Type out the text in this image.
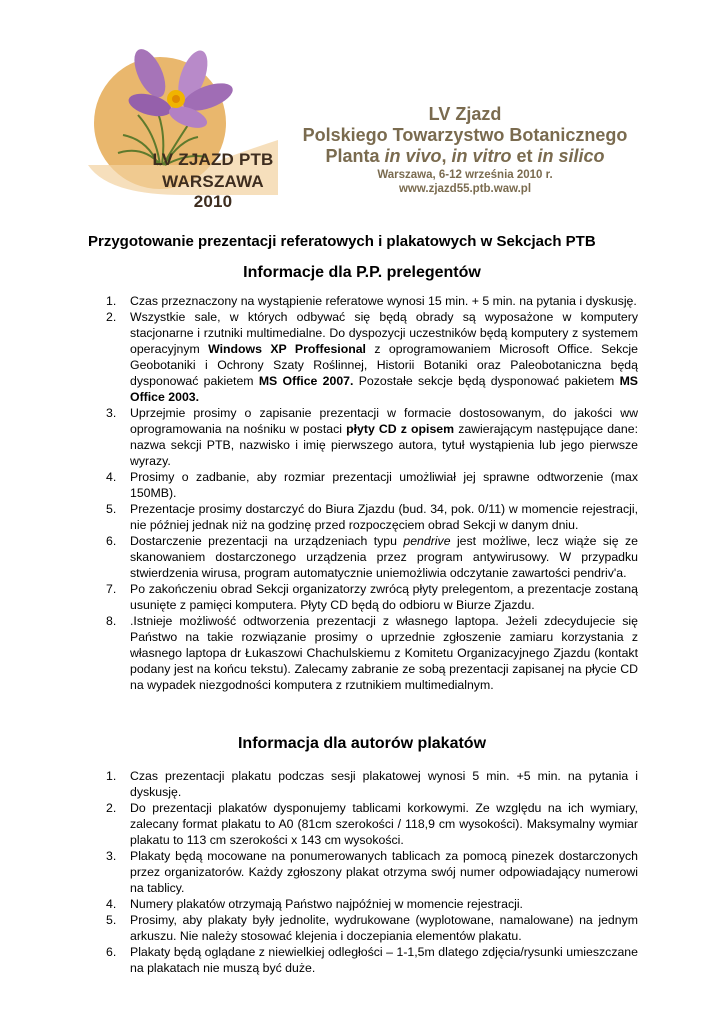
LV ZJAZD PTB
WARSZAWA 2010
LV Zjazd
Polskiego Towarzystwo Botanicznego
Planta in vivo, in vitro et in silico
Warszawa, 6-12 września 2010 r.
www.zjazd55.ptb.waw.pl
Przygotowanie prezentacji referatowych i plakatowych w Sekcjach PTB
Informacje dla P.P. prelegentów
1. Czas przeznaczony na wystąpienie referatowe wynosi 15 min. + 5 min. na pytania i dyskusję.
2. Wszystkie sale, w których odbywać się będą obrady są wyposażone w komputery stacjonarne i rzutniki multimedialne. Do dyspozycji uczestników będą komputery z systemem operacyjnym Windows XP Proffesional z oprogramowaniem Microsoft Office. Sekcje Geobotaniki i Ochrony Szaty Roślinnej, Historii Botaniki oraz Paleobotaniczna będą dysponować pakietem MS Office 2007. Pozostałe sekcje będą dysponować pakietem MS Office 2003.
3. Uprzejmie prosimy o zapisanie prezentacji w formacie dostosowanym, do jakości ww oprogramowania na nośniku w postaci płyty CD z opisem zawierającym następujące dane: nazwa sekcji PTB, nazwisko i imię pierwszego autora, tytuł wystąpienia lub jego pierwsze wyrazy.
4. Prosimy o zadbanie, aby rozmiar prezentacji umożliwiał jej sprawne odtworzenie (max 150MB).
5. Prezentacje prosimy dostarczyć do Biura Zjazdu (bud. 34, pok. 0/11) w momencie rejestracji, nie później jednak niż na godzinę przed rozpoczęciem obrad Sekcji w danym dniu.
6. Dostarczenie prezentacji na urządzeniach typu pendrive jest możliwe, lecz wiąże się ze skanowaniem dostarczonego urządzenia przez program antywirusowy. W przypadku stwierdzenia wirusa, program automatycznie uniemożliwia odczytanie zawartości pendriv'a.
7. Po zakończeniu obrad Sekcji organizatorzy zwrócą płyty prelegentom, a prezentacje zostaną usunięte z pamięci komputera. Płyty CD będą do odbioru w Biurze Zjazdu.
8. .Istnieje możliwość odtworzenia prezentacji z własnego laptopa. Jeżeli zdecydujecie się Państwo na takie rozwiązanie prosimy o uprzednie zgłoszenie zamiaru korzystania z własnego laptopa dr Łukaszowi Chachulskiemu z Komitetu Organizacyjnego Zjazdu (kontakt podany jest na końcu tekstu). Zalecamy zabranie ze sobą prezentacji zapisanej na płycie CD na wypadek niezgodności komputera z rzutnikiem multimedialnym.
Informacja dla autorów plakatów
1. Czas prezentacji plakatu podczas sesji plakatowej wynosi 5 min. +5 min. na pytania i dyskusję.
2. Do prezentacji plakatów dysponujemy tablicami korkowymi. Ze względu na ich wymiary, zalecany format plakatu to A0 (81cm szerokości / 118,9 cm wysokości). Maksymalny wymiar plakatu to 113 cm szerokości x 143 cm wysokości.
3. Plakaty będą mocowane na ponumerowanych tablicach za pomocą pinezek dostarczonych przez organizatorów. Każdy zgłoszony plakat otrzyma swój numer odpowiadający numerowi na tablicy.
4. Numery plakatów otrzymają Państwo najpóźniej w momencie rejestracji.
5. Prosimy, aby plakaty były jednolite, wydrukowane (wyplotowane, namalowane) na jednym arkuszu. Nie należy stosować klejenia i doczepiania elementów plakatu.
6. Plakaty będą oglądane z niewielkiej odległości – 1-1,5m dlatego zdjęcia/rysunki umieszczane na plakatach nie muszą być duże.
